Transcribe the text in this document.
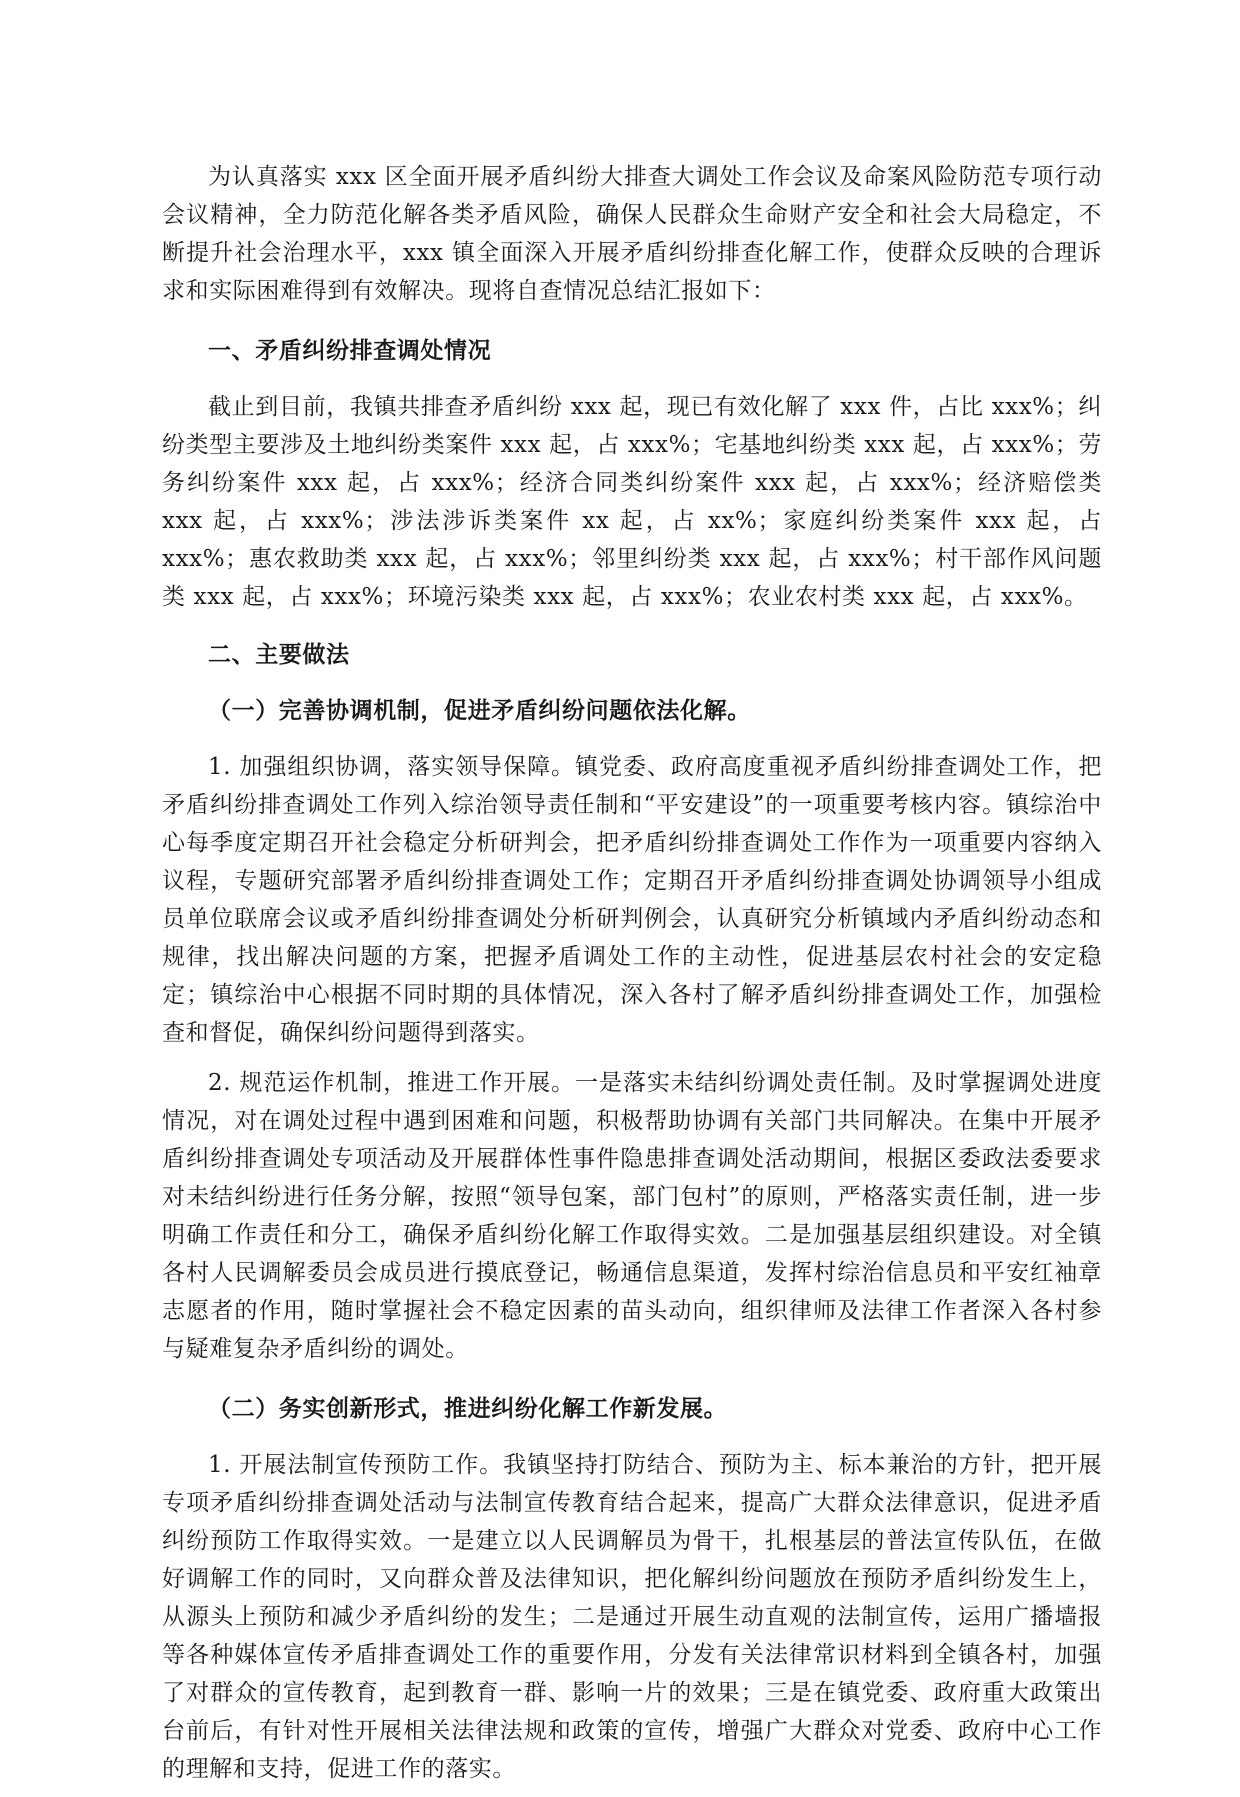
为认真落实 xxx 区全面开展矛盾纠纷大排查大调处工作会议及命案风险防范专项行动会议精神，全力防范化解各类矛盾风险，确保人民群众生命财产安全和社会大局稳定，不断提升社会治理水平，xxx 镇全面深入开展矛盾纠纷排查化解工作，使群众反映的合理诉求和实际困难得到有效解决。现将自查情况总结汇报如下：

一、矛盾纠纷排查调处情况

截止到目前，我镇共排查矛盾纠纷 xxx 起，现已有效化解了 xxx 件，占比 xxx%；纠纷类型主要涉及土地纠纷类案件 xxx 起，占 xxx%；宅基地纠纷类 xxx 起，占 xxx%；劳务纠纷案件 xxx 起，占 xxx%；经济合同类纠纷案件 xxx 起，占 xxx%；经济赔偿类 xxx 起，占 xxx%；涉法涉诉类案件 xx 起，占 xx%；家庭纠纷类案件 xxx 起，占 xxx%；惠农救助类 xxx 起，占 xxx%；邻里纠纷类 xxx 起，占 xxx%；村干部作风问题类 xxx 起，占 xxx%；环境污染类 xxx 起，占 xxx%；农业农村类 xxx 起，占 xxx%。

二、主要做法

（一）完善协调机制，促进矛盾纠纷问题依法化解。

1. 加强组织协调，落实领导保障。镇党委、政府高度重视矛盾纠纷排查调处工作，把矛盾纠纷排查调处工作列入综治领导责任制和“平安建设”的一项重要考核内容。镇综治中心每季度定期召开社会稳定分析研判会，把矛盾纠纷排查调处工作作为一项重要内容纳入议程，专题研究部署矛盾纠纷排查调处工作；定期召开矛盾纠纷排查调处协调领导小组成员单位联席会议或矛盾纠纷排查调处分析研判例会，认真研究分析镇域内矛盾纠纷动态和规律，找出解决问题的方案，把握矛盾调处工作的主动性，促进基层农村社会的安定稳定；镇综治中心根据不同时期的具体情况，深入各村了解矛盾纠纷排查调处工作，加强检查和督促，确保纠纷问题得到落实。

2. 规范运作机制，推进工作开展。一是落实未结纠纷调处责任制。及时掌握调处进度情况，对在调处过程中遇到困难和问题，积极帮助协调有关部门共同解决。在集中开展矛盾纠纷排查调处专项活动及开展群体性事件隐患排查调处活动期间，根据区委政法委要求对未结纠纷进行任务分解，按照“领导包案，部门包村”的原则，严格落实责任制，进一步明确工作责任和分工，确保矛盾纠纷化解工作取得实效。二是加强基层组织建设。对全镇各村人民调解委员会成员进行摸底登记，畅通信息渠道，发挥村综治信息员和平安红袖章志愿者的作用，随时掌握社会不稳定因素的苗头动向，组织律师及法律工作者深入各村参与疑难复杂矛盾纠纷的调处。

（二）务实创新形式，推进纠纷化解工作新发展。

1. 开展法制宣传预防工作。我镇坚持打防结合、预防为主、标本兼治的方针，把开展专项矛盾纠纷排查调处活动与法制宣传教育结合起来，提高广大群众法律意识，促进矛盾纠纷预防工作取得实效。一是建立以人民调解员为骨干，扎根基层的普法宣传队伍，在做好调解工作的同时，又向群众普及法律知识，把化解纠纷问题放在预防矛盾纠纷发生上，从源头上预防和减少矛盾纠纷的发生；二是通过开展生动直观的法制宣传，运用广播墙报等各种媒体宣传矛盾排查调处工作的重要作用，分发有关法律常识材料到全镇各村，加强了对群众的宣传教育，起到教育一群、影响一片的效果；三是在镇党委、政府重大政策出台前后，有针对性开展相关法律法规和政策的宣传，增强广大群众对党委、政府中心工作的理解和支持，促进工作的落实。
